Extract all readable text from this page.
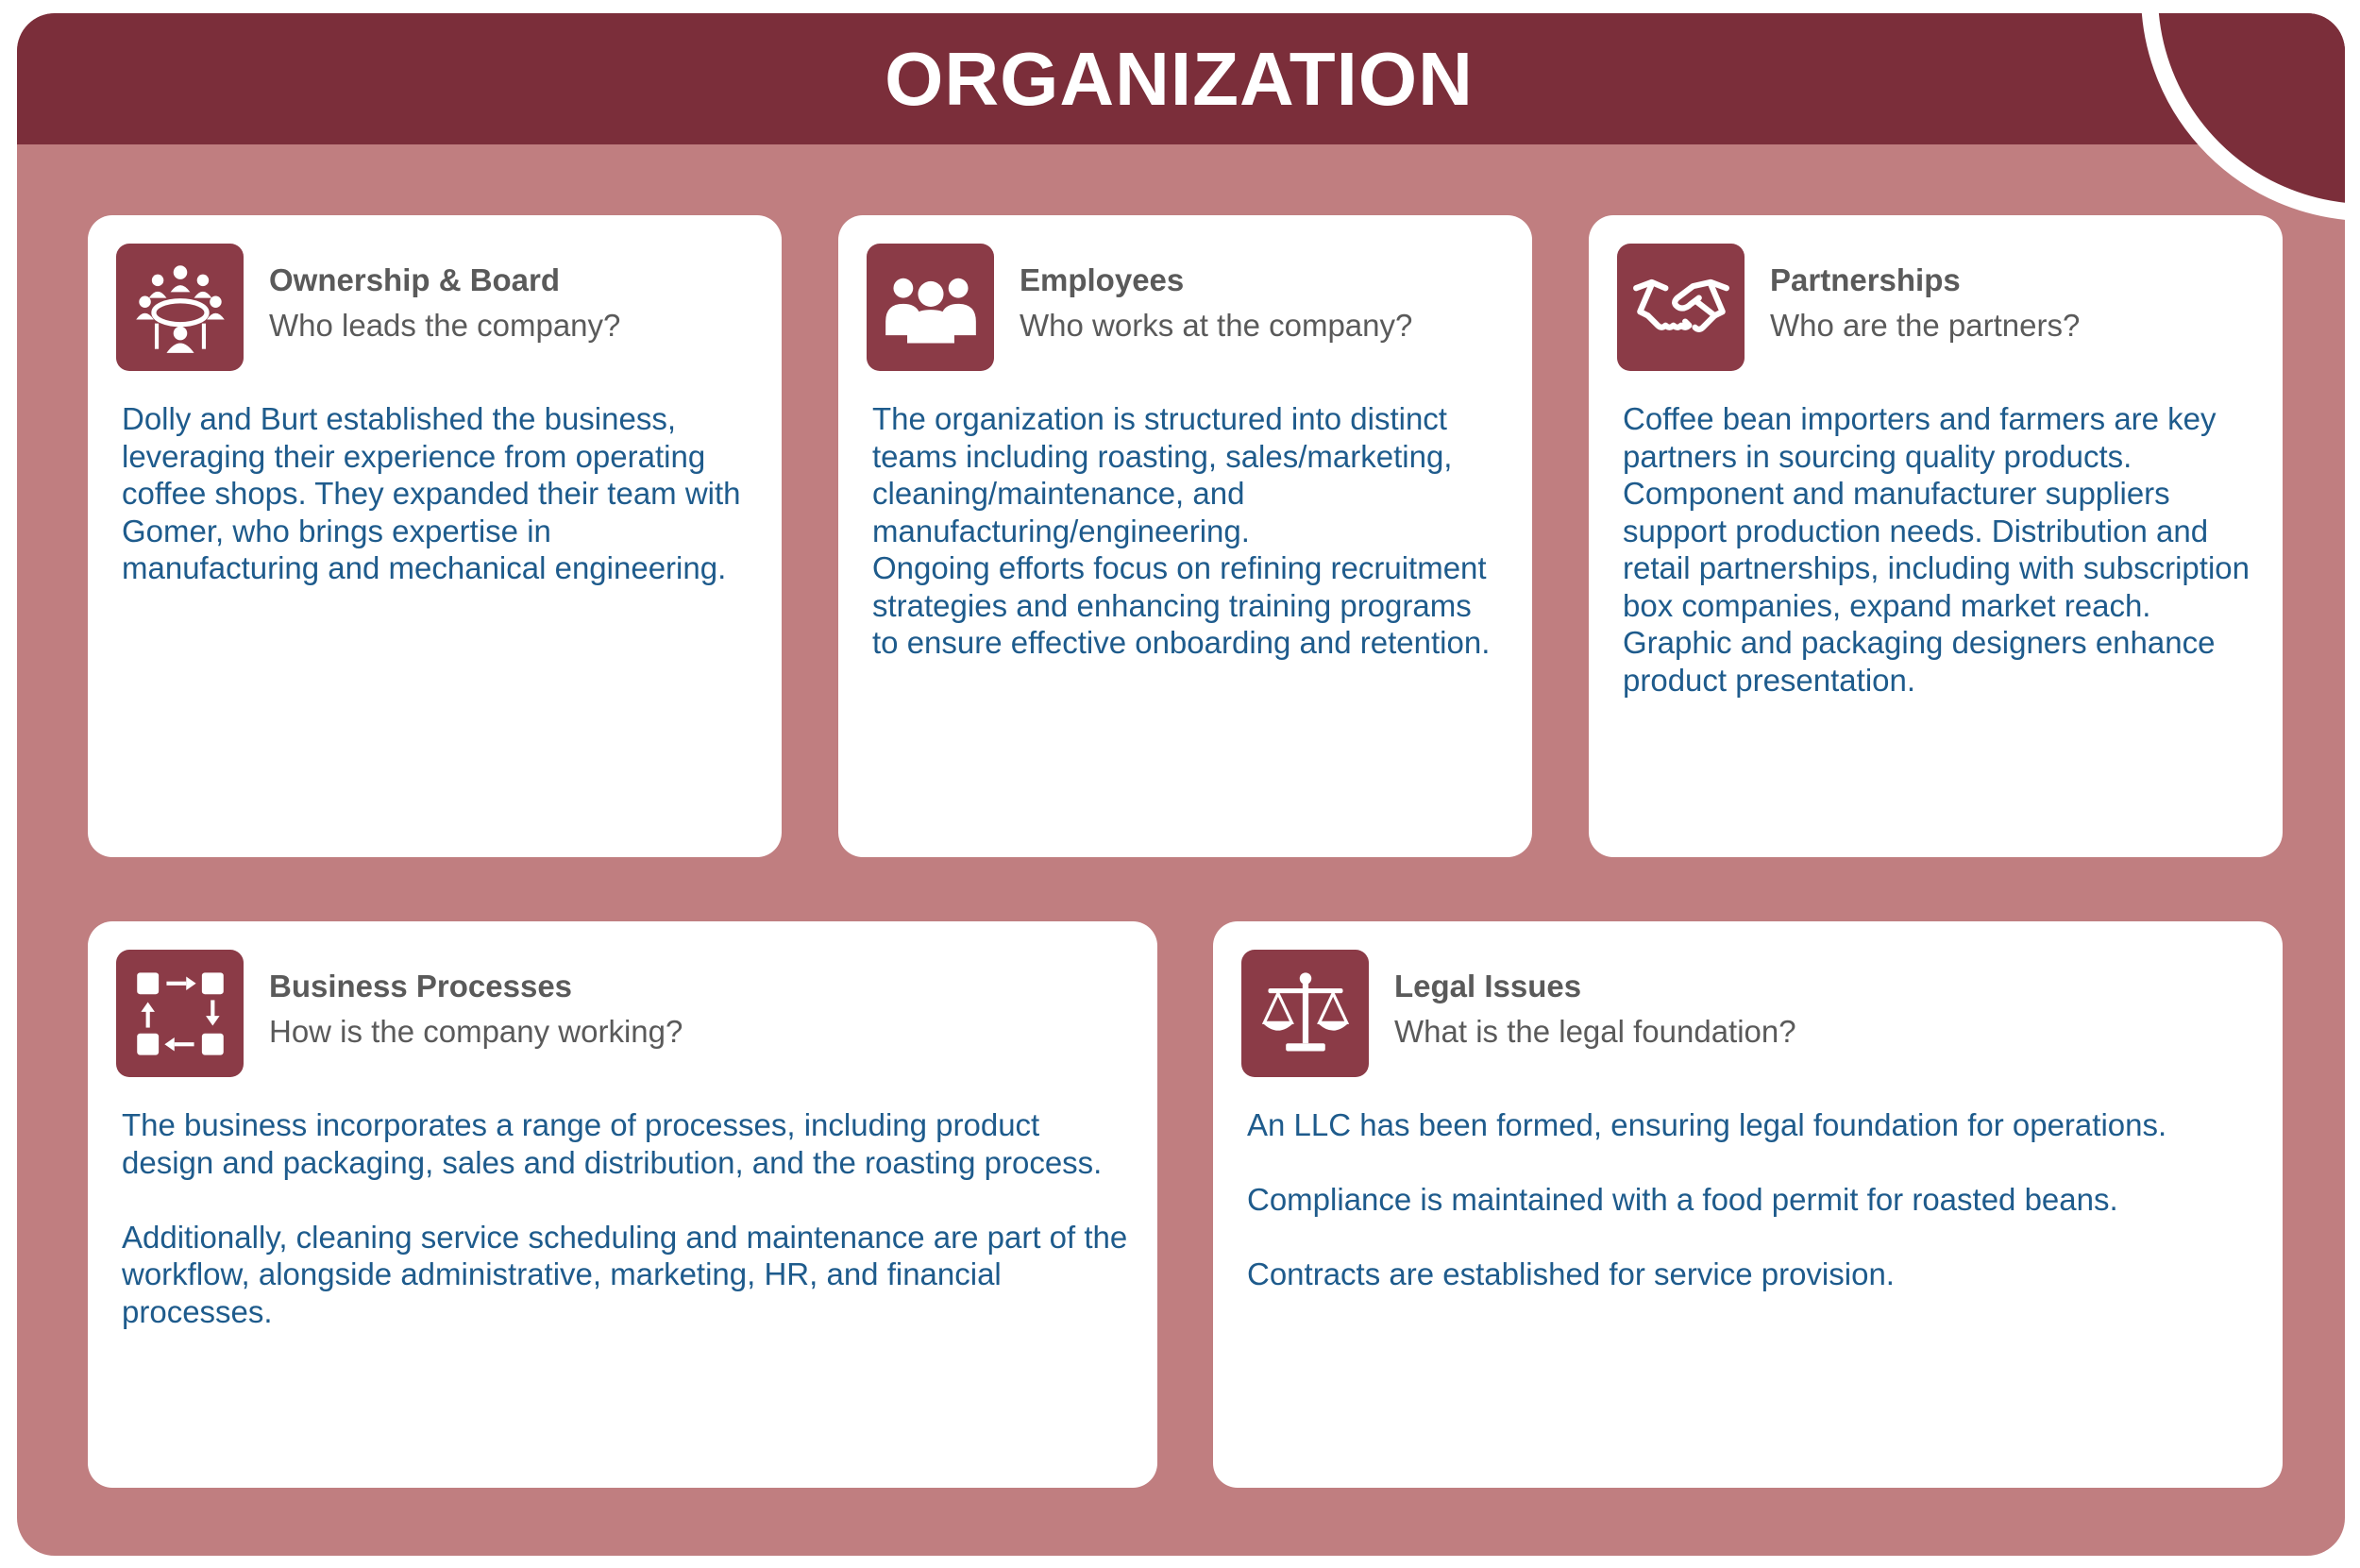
ORGANIZATION
Ownership & Board
Who leads the company?

Dolly and Burt established the business, leveraging their experience from operating coffee shops. They expanded their team with Gomer, who brings expertise in manufacturing and mechanical engineering.

Employees
Who works at the company?

The organization is structured into distinct teams including roasting, sales/marketing, cleaning/maintenance, and manufacturing/engineering.

Ongoing efforts focus on refining recruitment strategies and enhancing training programs to ensure effective onboarding and retention.

Partnerships
Who are the partners?

Coffee bean importers and farmers are key partners in sourcing quality products. Component and manufacturer suppliers support production needs. Distribution and retail partnerships, including with subscription box companies, expand market reach. Graphic and packaging designers enhance product presentation.

Business Processes
How is the company working?

The business incorporates a range of processes, including product design and packaging, sales and distribution, and the roasting process.

Additionally, cleaning service scheduling and maintenance are part of the workflow, alongside administrative, marketing, HR, and financial processes.

Legal Issues
What is the legal foundation?

An LLC has been formed, ensuring legal foundation for operations.

Compliance is maintained with a food permit for roasted beans.

Contracts are established for service provision.
